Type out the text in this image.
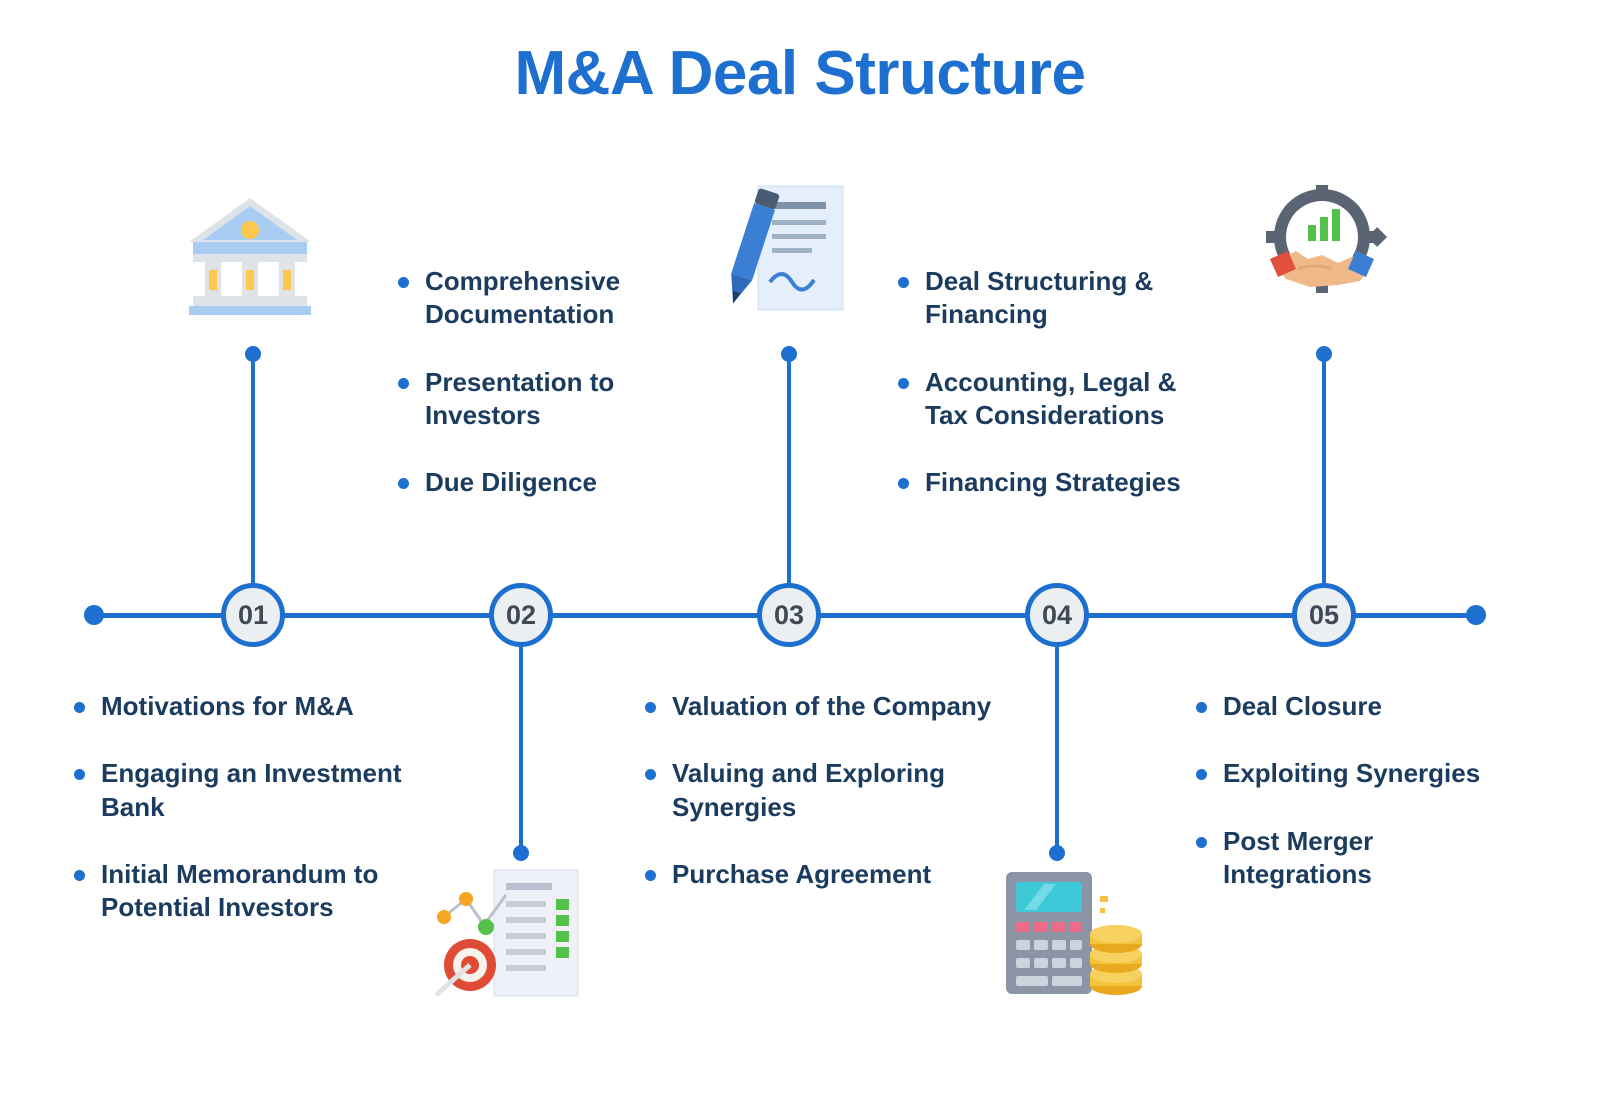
M&A Deal Structure
01	02	03	04	05
Motivations for M&A
Engaging an Investment Bank
Initial Memorandum to Potential Investors
Comprehensive Documentation
Presentation to Investors
Due Diligence
Valuation of the Company
Valuing and Exploring Synergies
Purchase Agreement
Deal Structuring & Financing
Accounting, Legal & Tax Considerations
Financing Strategies
Deal Closure
Exploiting Synergies
Post Merger Integrations
